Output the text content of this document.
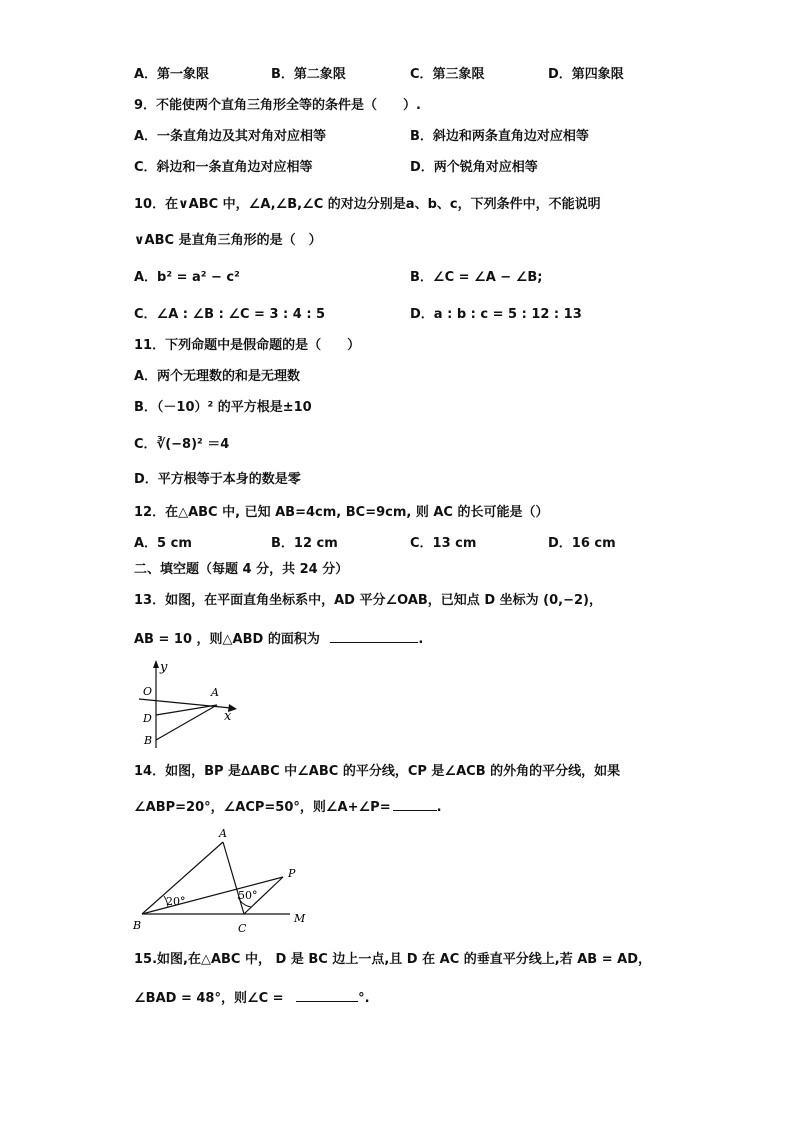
A．第一象限	B．第二象限	C．第三象限	D．第四象限
9．不能使两个直角三角形全等的条件是（　　）.
A．一条直角边及其对角对应相等	B．斜边和两条直角边对应相等
C．斜边和一条直角边对应相等	D．两个锐角对应相等
10．在∨ABC 中，∠A,∠B,∠C 的对边分别是a、b、c，下列条件中，不能说明
∨ABC 是直角三角形的是（　）
A．b² = a² − c²	B．∠C = ∠A − ∠B;
C．∠A : ∠B : ∠C = 3 : 4 : 5	D．a : b : c = 5 : 12 : 13
11．下列命题中是假命题的是（　　）
A．两个无理数的和是无理数
B．（－10）² 的平方根是±10
C．∛(−8)² ＝4
D．平方根等于本身的数是零
12．在△ABC 中, 已知 AB=4cm, BC=9cm, 则 AC 的长可能是（）
A．5 cm	B．12 cm	C．13 cm	D．16 cm
二、填空题（每题 4 分，共 24 分）
13．如图，在平面直角坐标系中，AD 平分∠OAB，已知点 D 坐标为 (0,−2)，
AB = 10 ，则△ABD 的面积为	.
y
O	A
x
D
B
14．如图，BP 是∆ABC 中∠ABC 的平分线，CP 是∠ACB 的外角的平分线，如果
∠ABP=20°，∠ACP=50°，则∠A+∠P=	.
A
P
B	C
M
20°	50°
15.如图,在△ABC 中， D 是 BC 边上一点,且 D 在 AC 的垂直平分线上,若 AB = AD，
∠BAD = 48°，则∠C =	°.
